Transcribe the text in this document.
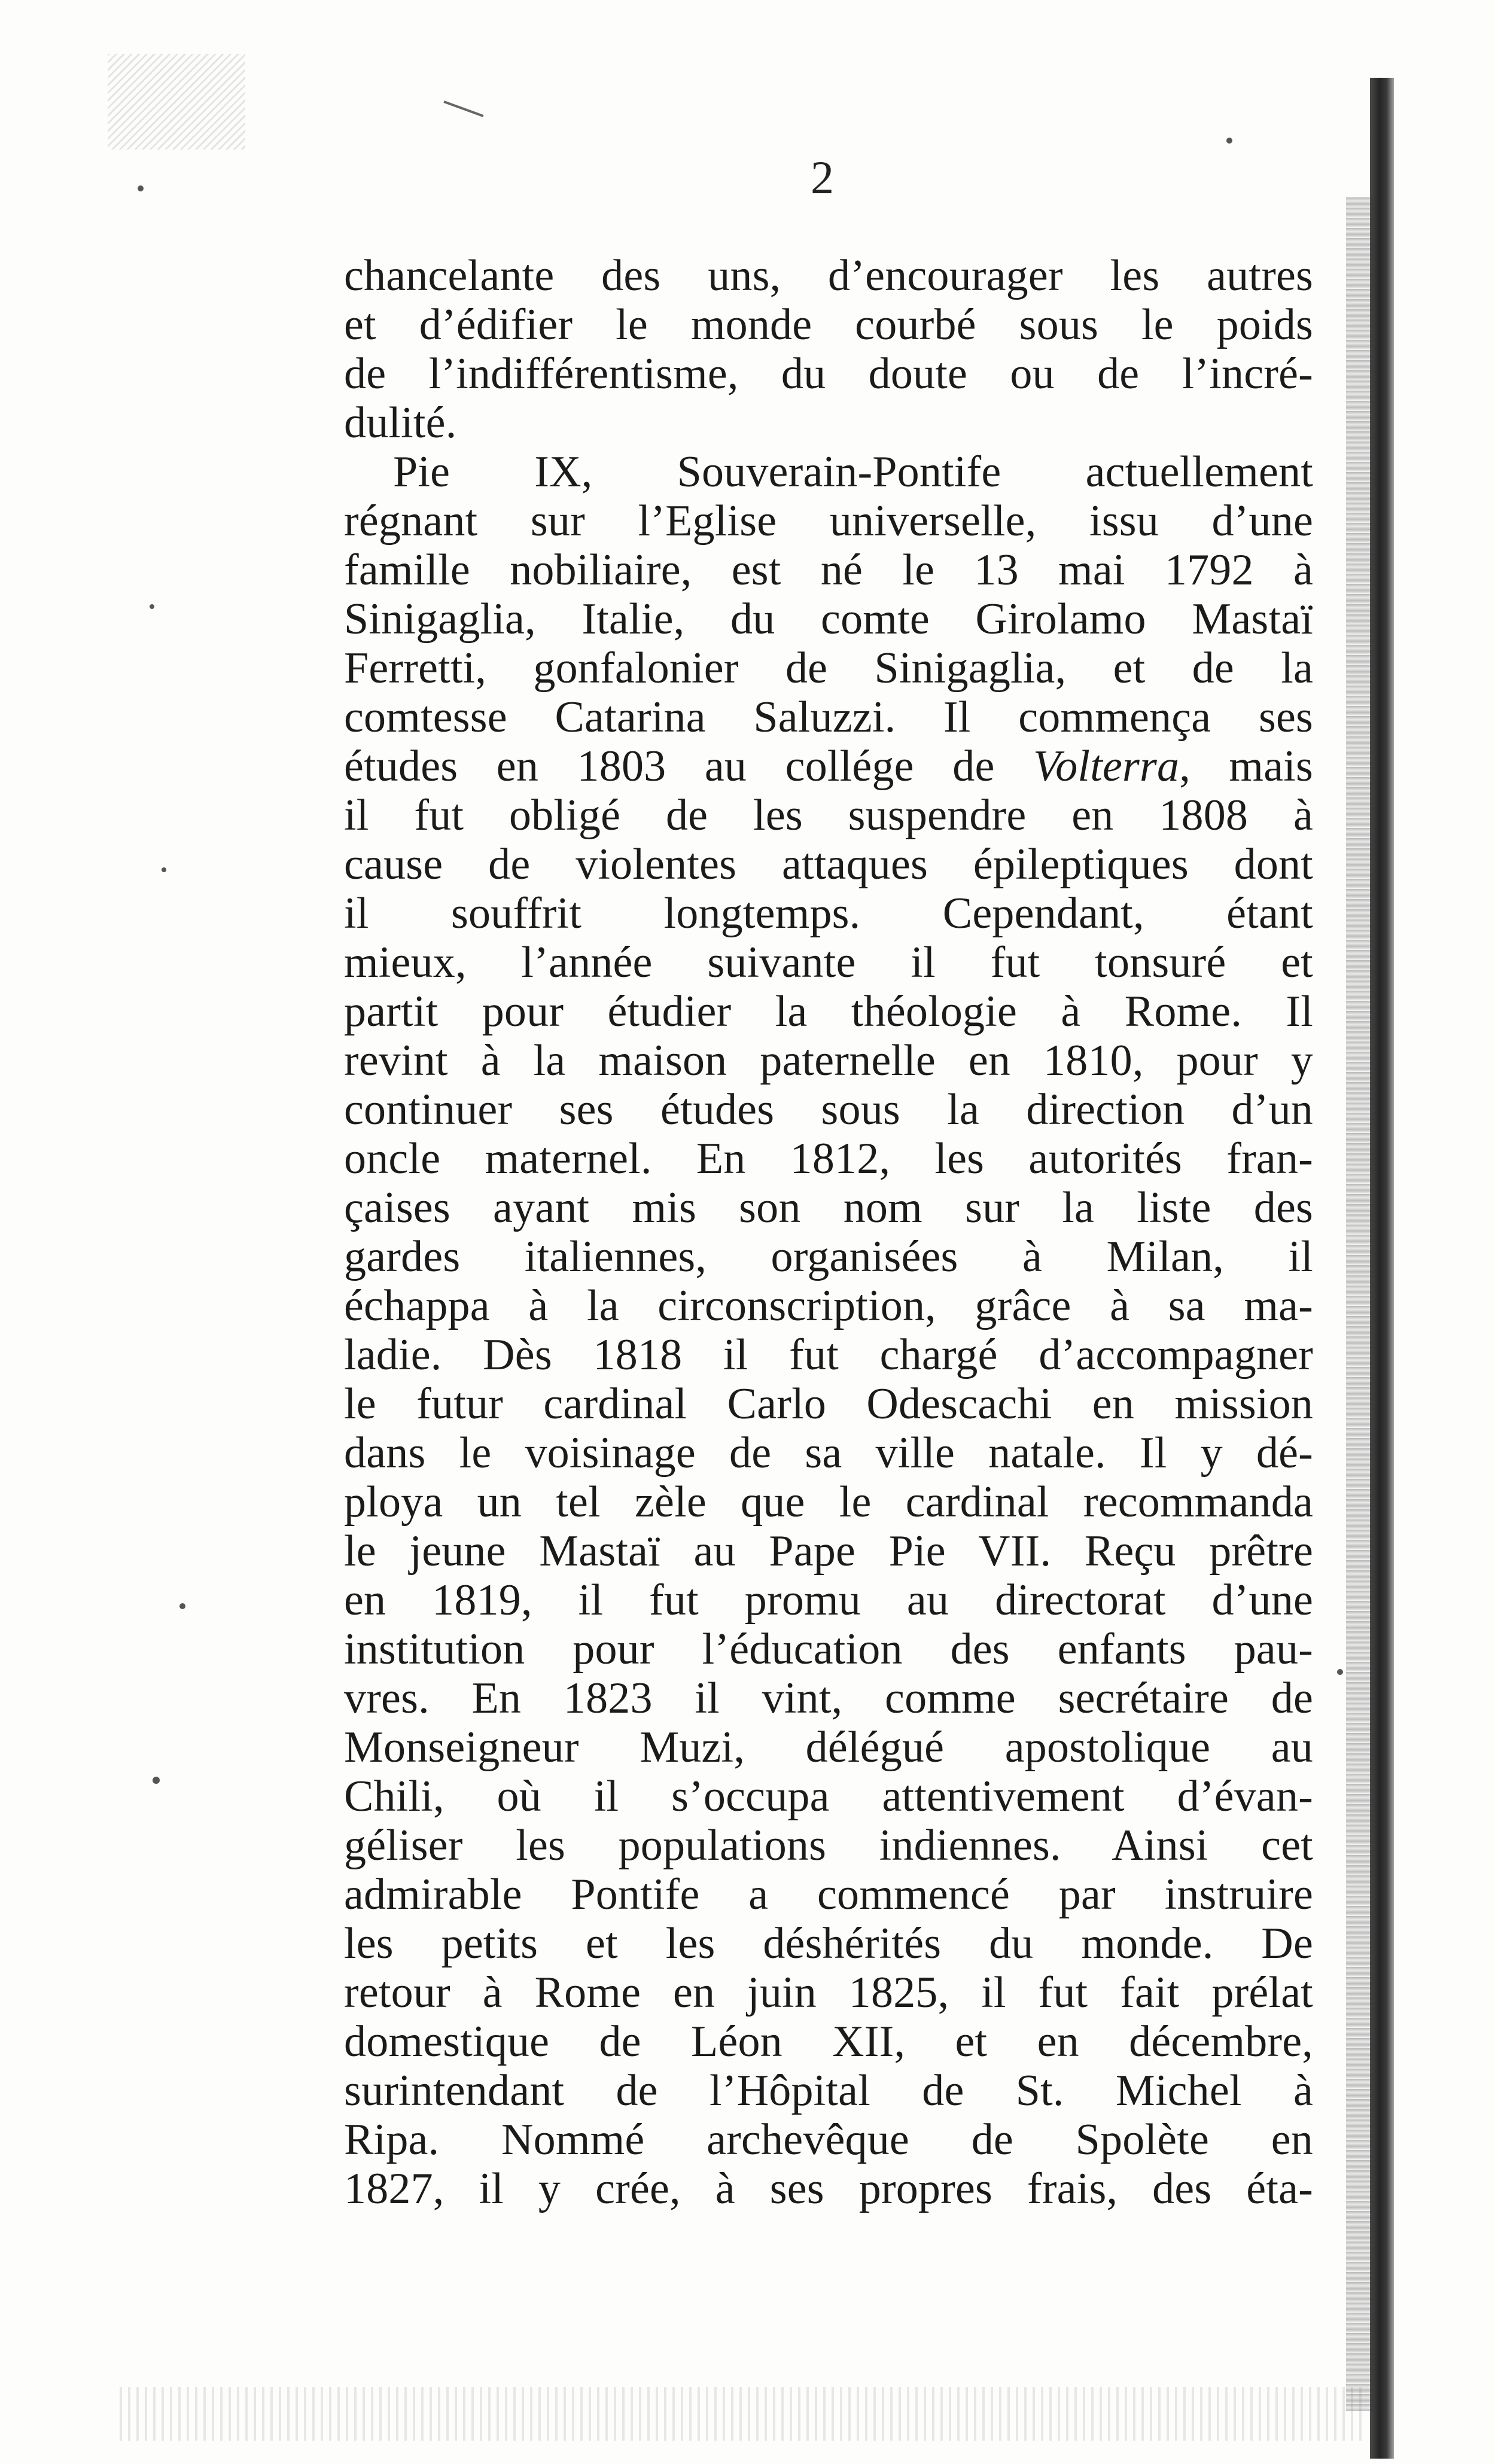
2
chancelante des uns, d’encourager les autres
et d’édifier le monde courbé sous le poids
de l’indifférentisme, du doute ou de l’incré-
dulité.
Pie IX, Souverain-Pontife actuellement
régnant sur l’Eglise universelle, issu d’une
famille nobiliaire, est né le 13 mai 1792 à
Sinigaglia, Italie, du comte Girolamo Mastaï
Ferretti, gonfalonier de Sinigaglia, et de la
comtesse Catarina Saluzzi. Il commença ses
études en 1803 au collége de Volterra, mais
il fut obligé de les suspendre en 1808 à
cause de violentes attaques épileptiques dont
il souffrit longtemps. Cependant, étant
mieux, l’année suivante il fut tonsuré et
partit pour étudier la théologie à Rome. Il
revint à la maison paternelle en 1810, pour y
continuer ses études sous la direction d’un
oncle maternel. En 1812, les autorités fran-
çaises ayant mis son nom sur la liste des
gardes italiennes, organisées à Milan, il
échappa à la circonscription, grâce à sa ma-
ladie. Dès 1818 il fut chargé d’accompagner
le futur cardinal Carlo Odescachi en mission
dans le voisinage de sa ville natale. Il y dé-
ploya un tel zèle que le cardinal recommanda
le jeune Mastaï au Pape Pie VII. Reçu prêtre
en 1819, il fut promu au directorat d’une
institution pour l’éducation des enfants pau-
vres. En 1823 il vint, comme secrétaire de
Monseigneur Muzi, délégué apostolique au
Chili, où il s’occupa attentivement d’évan-
géliser les populations indiennes. Ainsi cet
admirable Pontife a commencé par instruire
les petits et les déshérités du monde. De
retour à Rome en juin 1825, il fut fait prélat
domestique de Léon XII, et en décembre,
surintendant de l’Hôpital de St. Michel à
Ripa. Nommé archevêque de Spolète en
1827, il y crée, à ses propres frais, des éta-
